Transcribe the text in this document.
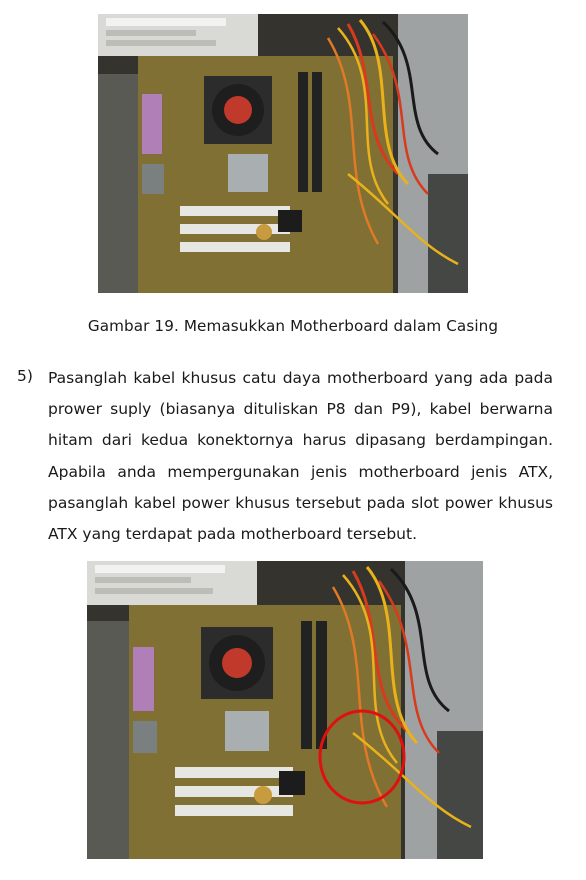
Gambar 19. Memasukkan Motherboard dalam Casing
5) Pasanglah kabel khusus catu daya motherboard yang ada pada prower suply (biasanya dituliskan P8 dan P9), kabel berwarna hitam dari kedua konektornya harus dipasang berdampingan. Apabila anda mempergunakan jenis motherboard jenis ATX, pasanglah kabel power khusus tersebut pada slot power khusus ATX yang terdapat pada motherboard tersebut.
